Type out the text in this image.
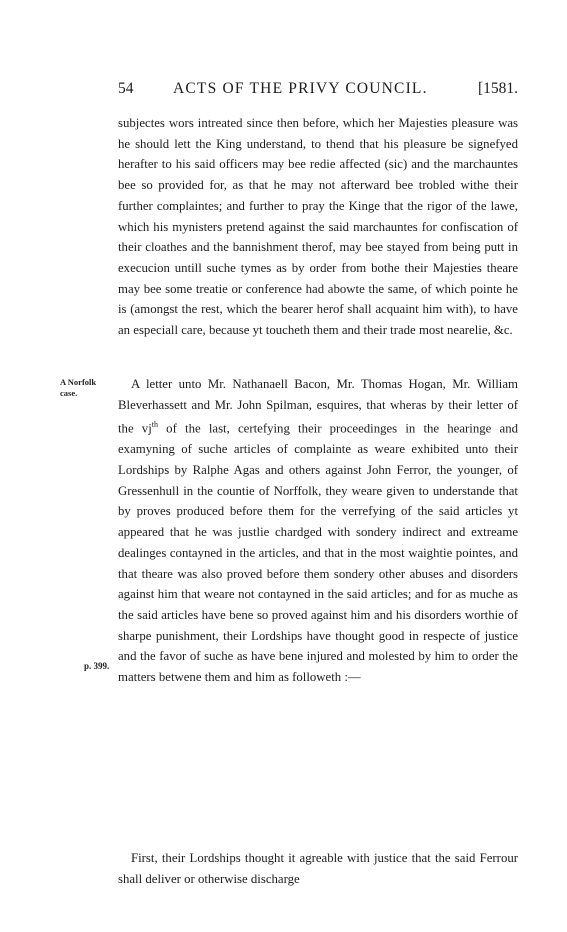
54	ACTS OF THE PRIVY COUNCIL.	[1581.

subjectes wors intreated since then before, which her Majesties pleasure was he should lett the King understand, to thend that his pleasure be signefyed herafter to his said officers may bee redie affected (sic) and the marchauntes bee so provided for, as that he may not afterward bee trobled withe their further complaintes; and further to pray the Kinge that the rigor of the lawe, which his mynisters pretend against the said marchauntes for confiscation of their cloathes and the bannishment therof, may bee stayed from being putt in execucion untill suche tymes as by order from bothe their Majesties theare may bee some treatie or conference had abowte the same, of which pointe he is (amongst the rest, which the bearer herof shall acquaint him with), to have an especiall care, because yt toucheth them and their trade most nearelie, &c.

A Norfolk case.

A letter unto Mr. Nathanaell Bacon, Mr. Thomas Hogan, Mr. William Bleverhassett and Mr. John Spilman, esquires, that wheras by their letter of the $vj^{th}$ of the last, certefying their proceedinges in the hearinge and examyning of suche articles of complainte as weare exhibited unto their Lordships by Ralphe Agas and others against John Ferror, the younger, of Gressenhull in the countie of Norffolk, they weare given to understande that by proves produced before them for the verrefying of the said articles yt appeared that he was justlie chardged with sondery indirect and extreame dealinges contayned in the articles, and that in the most waightie pointes, and that theare was also proved before them sondery other abuses and disorders against him that weare not contayned in the said articles; and for as muche as the said articles have bene so proved against him and his disorders worthie of sharpe punishment, their Lordships have thought good in respecte of justice and the favor of suche as have bene injured and molested by him to order the matters betwene them and him as followeth :—

p. 399.

First, their Lordships thought it agreable with justice that the said Ferrour shall deliver or otherwise discharge
